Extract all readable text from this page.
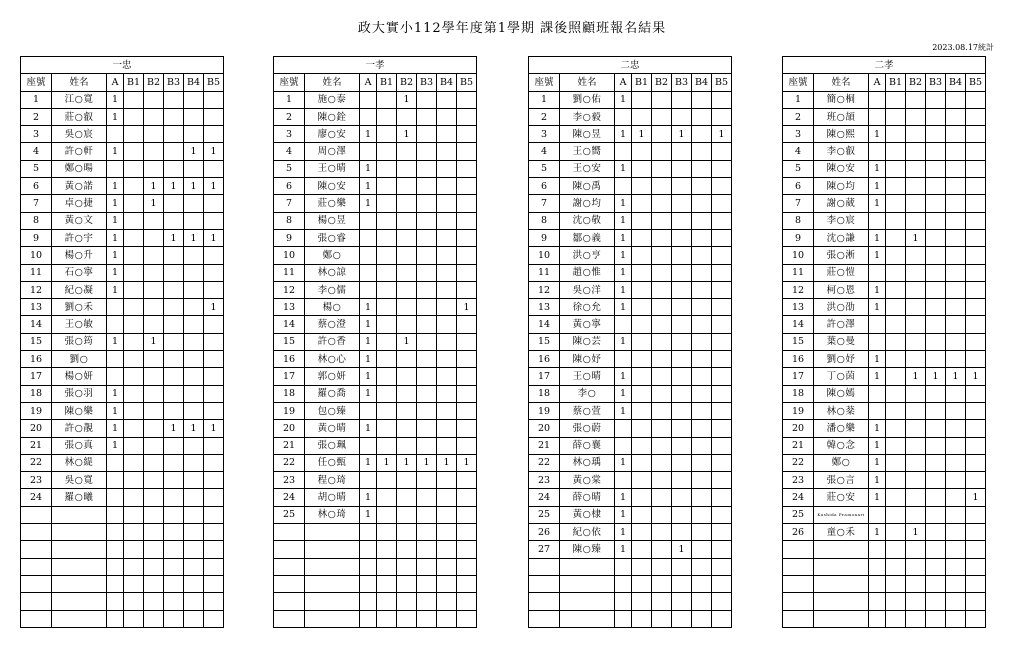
政大實小112學年度第1學期 課後照顧班報名結果
2023.08.17統計
一忠							
座號	姓名	A	B1	B2	B3	B4	B5
1	江○寬	1					
2	莊○叡	1					
3	吳○宸						
4	許○軒	1				1	1
5	鄭○暘						
6	黃○諾	1		1	1	1	1
7	卓○捷	1		1			
8	黃○文	1					
9	許○宇	1			1	1	1
10	楊○升	1					
11	石○寧	1					
12	紀○凝	1					
13	劉○禾						1
14	王○敏						
15	張○筠	1		1			
16	劉○						
17	楊○妍						
18	張○羽	1					
19	陳○樂	1					
20	許○靚	1			1	1	1
21	張○真	1					
22	林○緹						
23	吳○寬						
24	羅○曦						

一孝							
座號	姓名	A	B1	B2	B3	B4	B5
1	施○泰			1			
2	陳○銓						
3	廖○安	1		1			
4	周○澤						
5	王○晴	1					
6	陳○安	1					
7	莊○樂	1					
8	楊○昱						
9	張○睿						
10	鄭○						
11	林○諒						
12	李○儒						
13	楊○	1					1
14	蔡○澄	1					
15	許○香	1		1			
16	林○心	1					
17	郭○妍	1					
18	羅○喬	1					
19	包○臻						
20	黃○晴	1					
21	張○珮						
22	任○甄	1	1	1	1	1	1
23	程○琦						
24	胡○晴	1					
25	林○琦	1					

二忠							
座號	姓名	A	B1	B2	B3	B4	B5
1	劉○佑	1					
2	李○毅						
3	陳○昱	1	1		1		1
4	王○嚮						
5	王○安	1					
6	陳○禹						
7	謝○均	1					
8	沈○敬	1					
9	鄒○義	1					
10	洪○亨	1					
11	趙○惟	1					
12	吳○洋	1					
13	徐○允	1					
14	黃○寧						
15	陳○芸	1					
16	陳○妤						
17	王○晴	1					
18	李○	1					
19	蔡○萱	1					
20	張○蔚						
21	薛○襄						
22	林○瑀	1					
23	黃○棠						
24	薛○晴	1					
25	黃○棣	1					
26	紀○依	1					
27	陳○臻	1			1		

二孝							
座號	姓名	A	B1	B2	B3	B4	B5
1	簡○桐						
2	班○頡						
3	陳○熙	1					
4	李○叡						
5	陳○安	1					
6	陳○均	1					
7	謝○葳	1					
8	李○宸						
9	沈○謙	1		1			
10	張○淅	1					
11	莊○愷						
12	柯○恩	1					
13	洪○劭	1					
14	許○澤						
15	葉○曼						
16	劉○妤	1					
17	丁○茵	1		1	1	1	1
18	陳○嫣						
19	林○棻						
20	潘○樂	1					
21	韓○念	1					
22	鄭○	1					
23	張○言	1					
24	莊○安	1					1
25	Kashida Pramonari						
26	童○禾	1		1			
